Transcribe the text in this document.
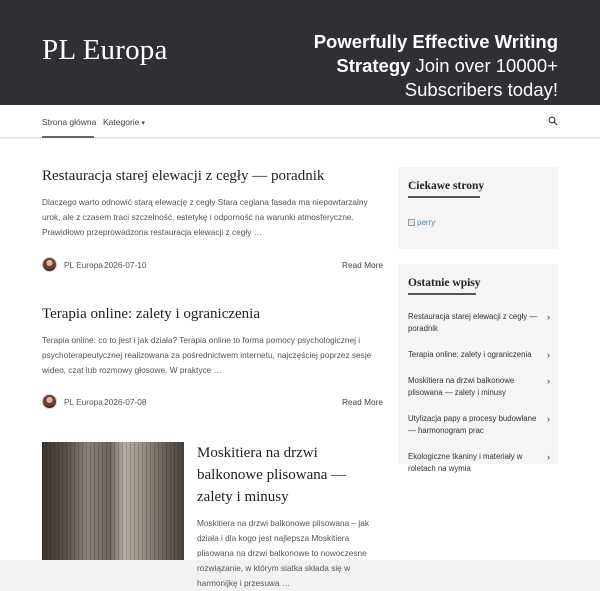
PL Europa	Powerfully Effective Writing Strategy Join over 10000+ Subscribers today!
Strona główna Kategorie ▾
Restauracja starej elewacji z cegły — poradnik
Dlaczego warto odnowić starą elewację z cegły Stara ceglana fasada ma niepowtarzalny urok, ale z czasem traci szczelność, estetykę i odporność na warunki atmosferyczne. Prawidłowo przeprowadzona restauracja elewacji z cegły …
PL Europa 2026-07-10	Read More
Terapia online: zalety i ograniczenia
Terapia online: co to jest i jak działa? Terapia online to forma pomocy psychologicznej i psychoterapeutycznej realizowana za pośrednictwem internetu, najczęściej poprzez sesje wideo, czat lub rozmowy głosowe. W praktyce …
PL Europa 2026-07-08	Read More
Moskitiera na drzwi balkonowe plisowana — zalety i minusy
Moskitiera na drzwi balkonowe plisowana – jak działa i dla kogo jest najlepsza Moskitiera plisowana na drzwi balkonowe to nowoczesne rozwiązanie, w którym siatka składa się w harmonijkę i przesuwa …
Ciekawe strony
perry
Ostatnie wpisy
Restauracja starej elewacji z cegły — poradnik
›
Terapia online: zalety i ograniczenia ›
Moskitiera na drzwi balkonowe plisowana — zalety i minusy
›
Utylizacja papy a procesy budowlane — harmonogram prac
›
Ekologiczne tkaniny i materiały w roletach na wymia
›
